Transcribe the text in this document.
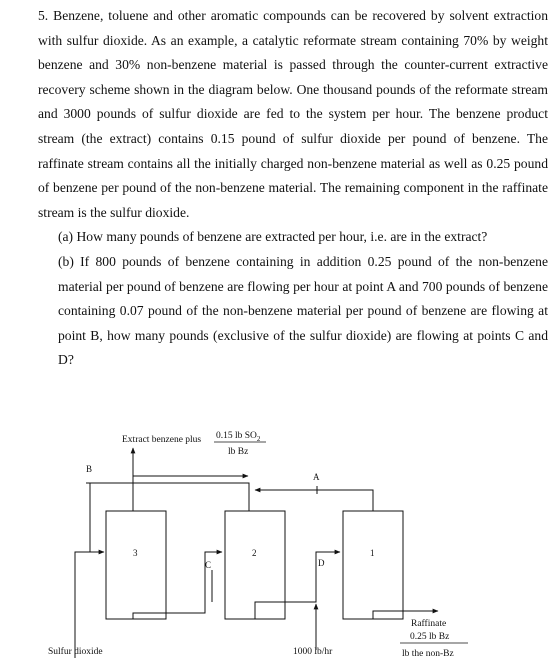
5. Benzene, toluene and other aromatic compounds can be recovered by solvent extraction with sulfur dioxide. As an example, a catalytic reformate stream containing 70% by weight benzene and 30% non-benzene material is passed through the counter-current extractive recovery scheme shown in the diagram below. One thousand pounds of the reformate stream and 3000 pounds of sulfur dioxide are fed to the system per hour. The benzene product stream (the extract) contains 0.15 pound of sulfur dioxide per pound of benzene. The raffinate stream contains all the initially charged non-benzene material as well as 0.25 pound of benzene per pound of the non-benzene material. The remaining component in the raffinate stream is the sulfur dioxide.

(a) How many pounds of benzene are extracted per hour, i.e. are in the extract?

(b) If 800 pounds of benzene containing in addition 0.25 pound of the non-benzene material per pound of benzene are flowing per hour at point A and 700 pounds of benzene containing 0.07 pound of the non-benzene material per pound of benzene are flowing at point B, how many pounds (exclusive of the sulfur dioxide) are flowing at points C and D?

Extract benzene plus 0.15 lb $SO_2$
lb Bz
3	2	1
Sulfur dioxide
B
A
C	D
1000 lb/hr
Raffinate
0.25 lb Bz
lb the non-Bz
